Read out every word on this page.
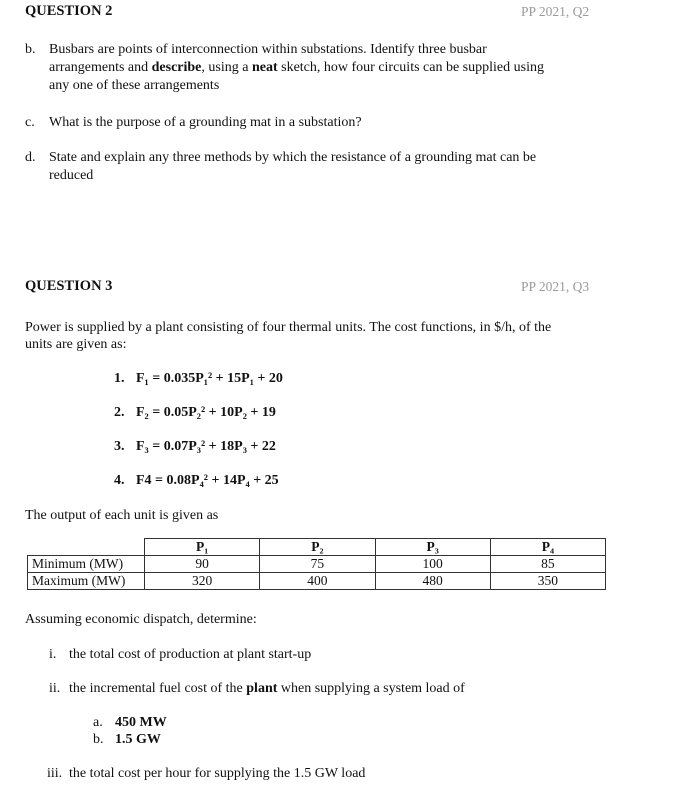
QUESTION 2	PP 2021, Q2
b. Busbars are points of interconnection within substations. Identify three busbar
arrangements and describe, using a neat sketch, how four circuits can be supplied using
any one of these arrangements
c. What is the purpose of a grounding mat in a substation?
d. State and explain any three methods by which the resistance of a grounding mat can be
reduced
QUESTION 3	PP 2021, Q3
Power is supplied by a plant consisting of four thermal units. The cost functions, in $/h, of the
units are given as:
1. F₁ = 0.035P₁² + 15P₁ + 20
2. F₂ = 0.05P₂² + 10P₂ + 19
3. F₃ = 0.07P₃² + 18P₃ + 22
4. F4 = 0.08P₄² + 14P₄ + 25
The output of each unit is given as
	P₁	P₂	P₃	P₄
Minimum (MW)	90	75	100	85
Maximum (MW)	320	400	480	350
Assuming economic dispatch, determine:
i. the total cost of production at plant start-up
ii. the incremental fuel cost of the plant when supplying a system load of
a. 450 MW
b. 1.5 GW
iii. the total cost per hour for supplying the 1.5 GW load
